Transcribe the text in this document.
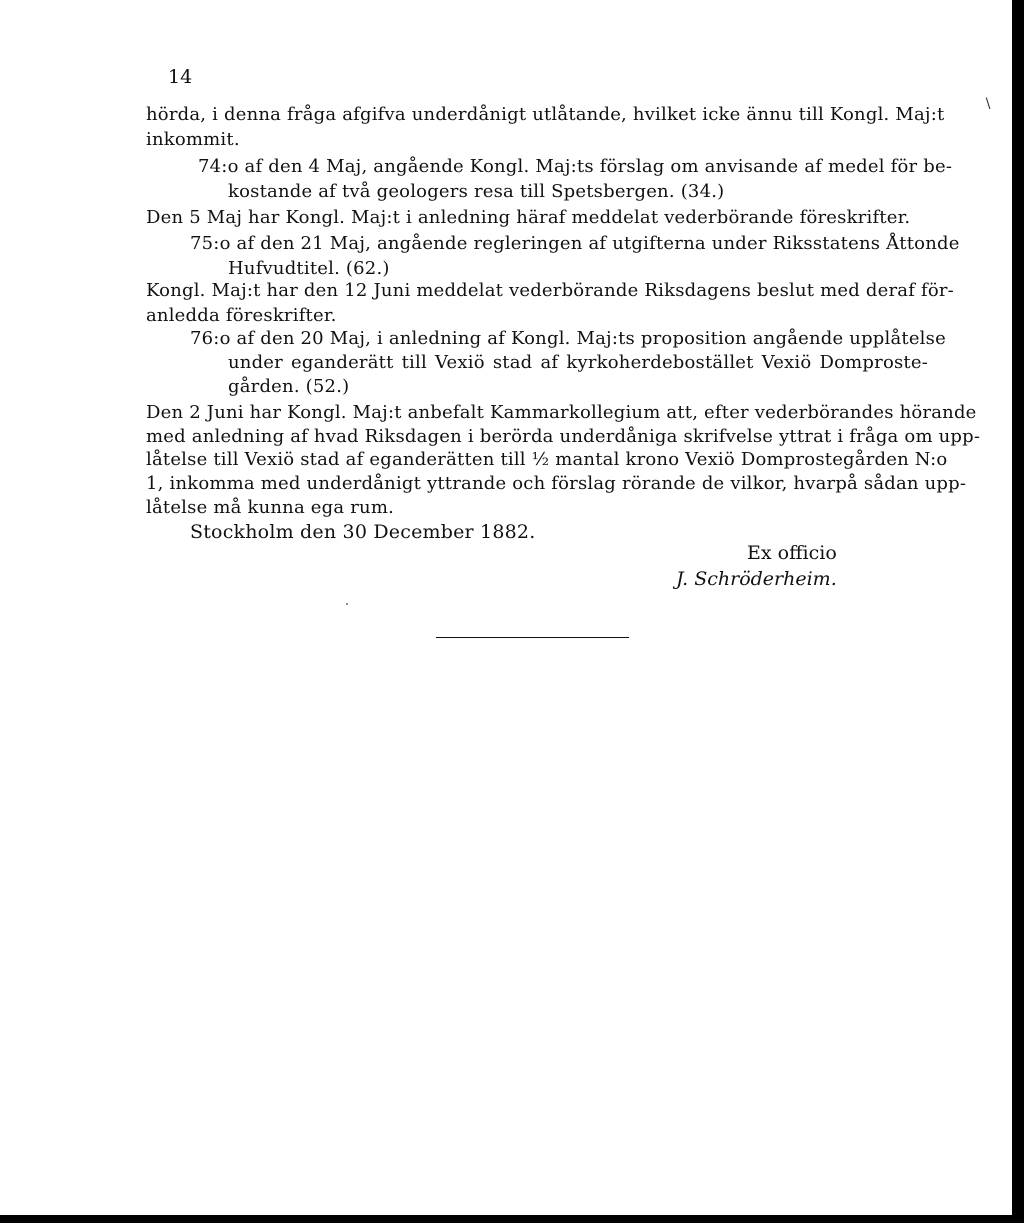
14
∖
hörda, i denna fråga afgifva underdånigt utlåtande, hvilket icke ännu till Kongl. Maj:t
inkommit.
74:o af den 4 Maj, angående Kongl. Maj:ts förslag om anvisande af medel för be-
kostande af två geologers resa till Spetsbergen. (34.)
Den 5 Maj har Kongl. Maj:t i anledning häraf meddelat vederbörande föreskrifter.
75:o af den 21 Maj, angående regleringen af utgifterna under Riksstatens Åttonde
Hufvudtitel. (62.)
Kongl. Maj:t har den 12 Juni meddelat vederbörande Riksdagens beslut med deraf för-
anledda föreskrifter.
76:o af den 20 Maj, i anledning af Kongl. Maj:ts proposition angående upplåtelse
under eganderätt till Vexiö stad af kyrkoherdebostället Vexiö Domproste-
gården. (52.)
Den 2 Juni har Kongl. Maj:t anbefalt Kammarkollegium att, efter vederbörandes hörande
med anledning af hvad Riksdagen i berörda underdåniga skrifvelse yttrat i fråga om upp-
låtelse till Vexiö stad af eganderätten till ½ mantal krono Vexiö Domprostegården N:o
1, inkomma med underdånigt yttrande och förslag rörande de vilkor, hvarpå sådan upp-
låtelse må kunna ega rum.
Stockholm den 30 December 1882.
Ex officio
J. Schröderheim.
